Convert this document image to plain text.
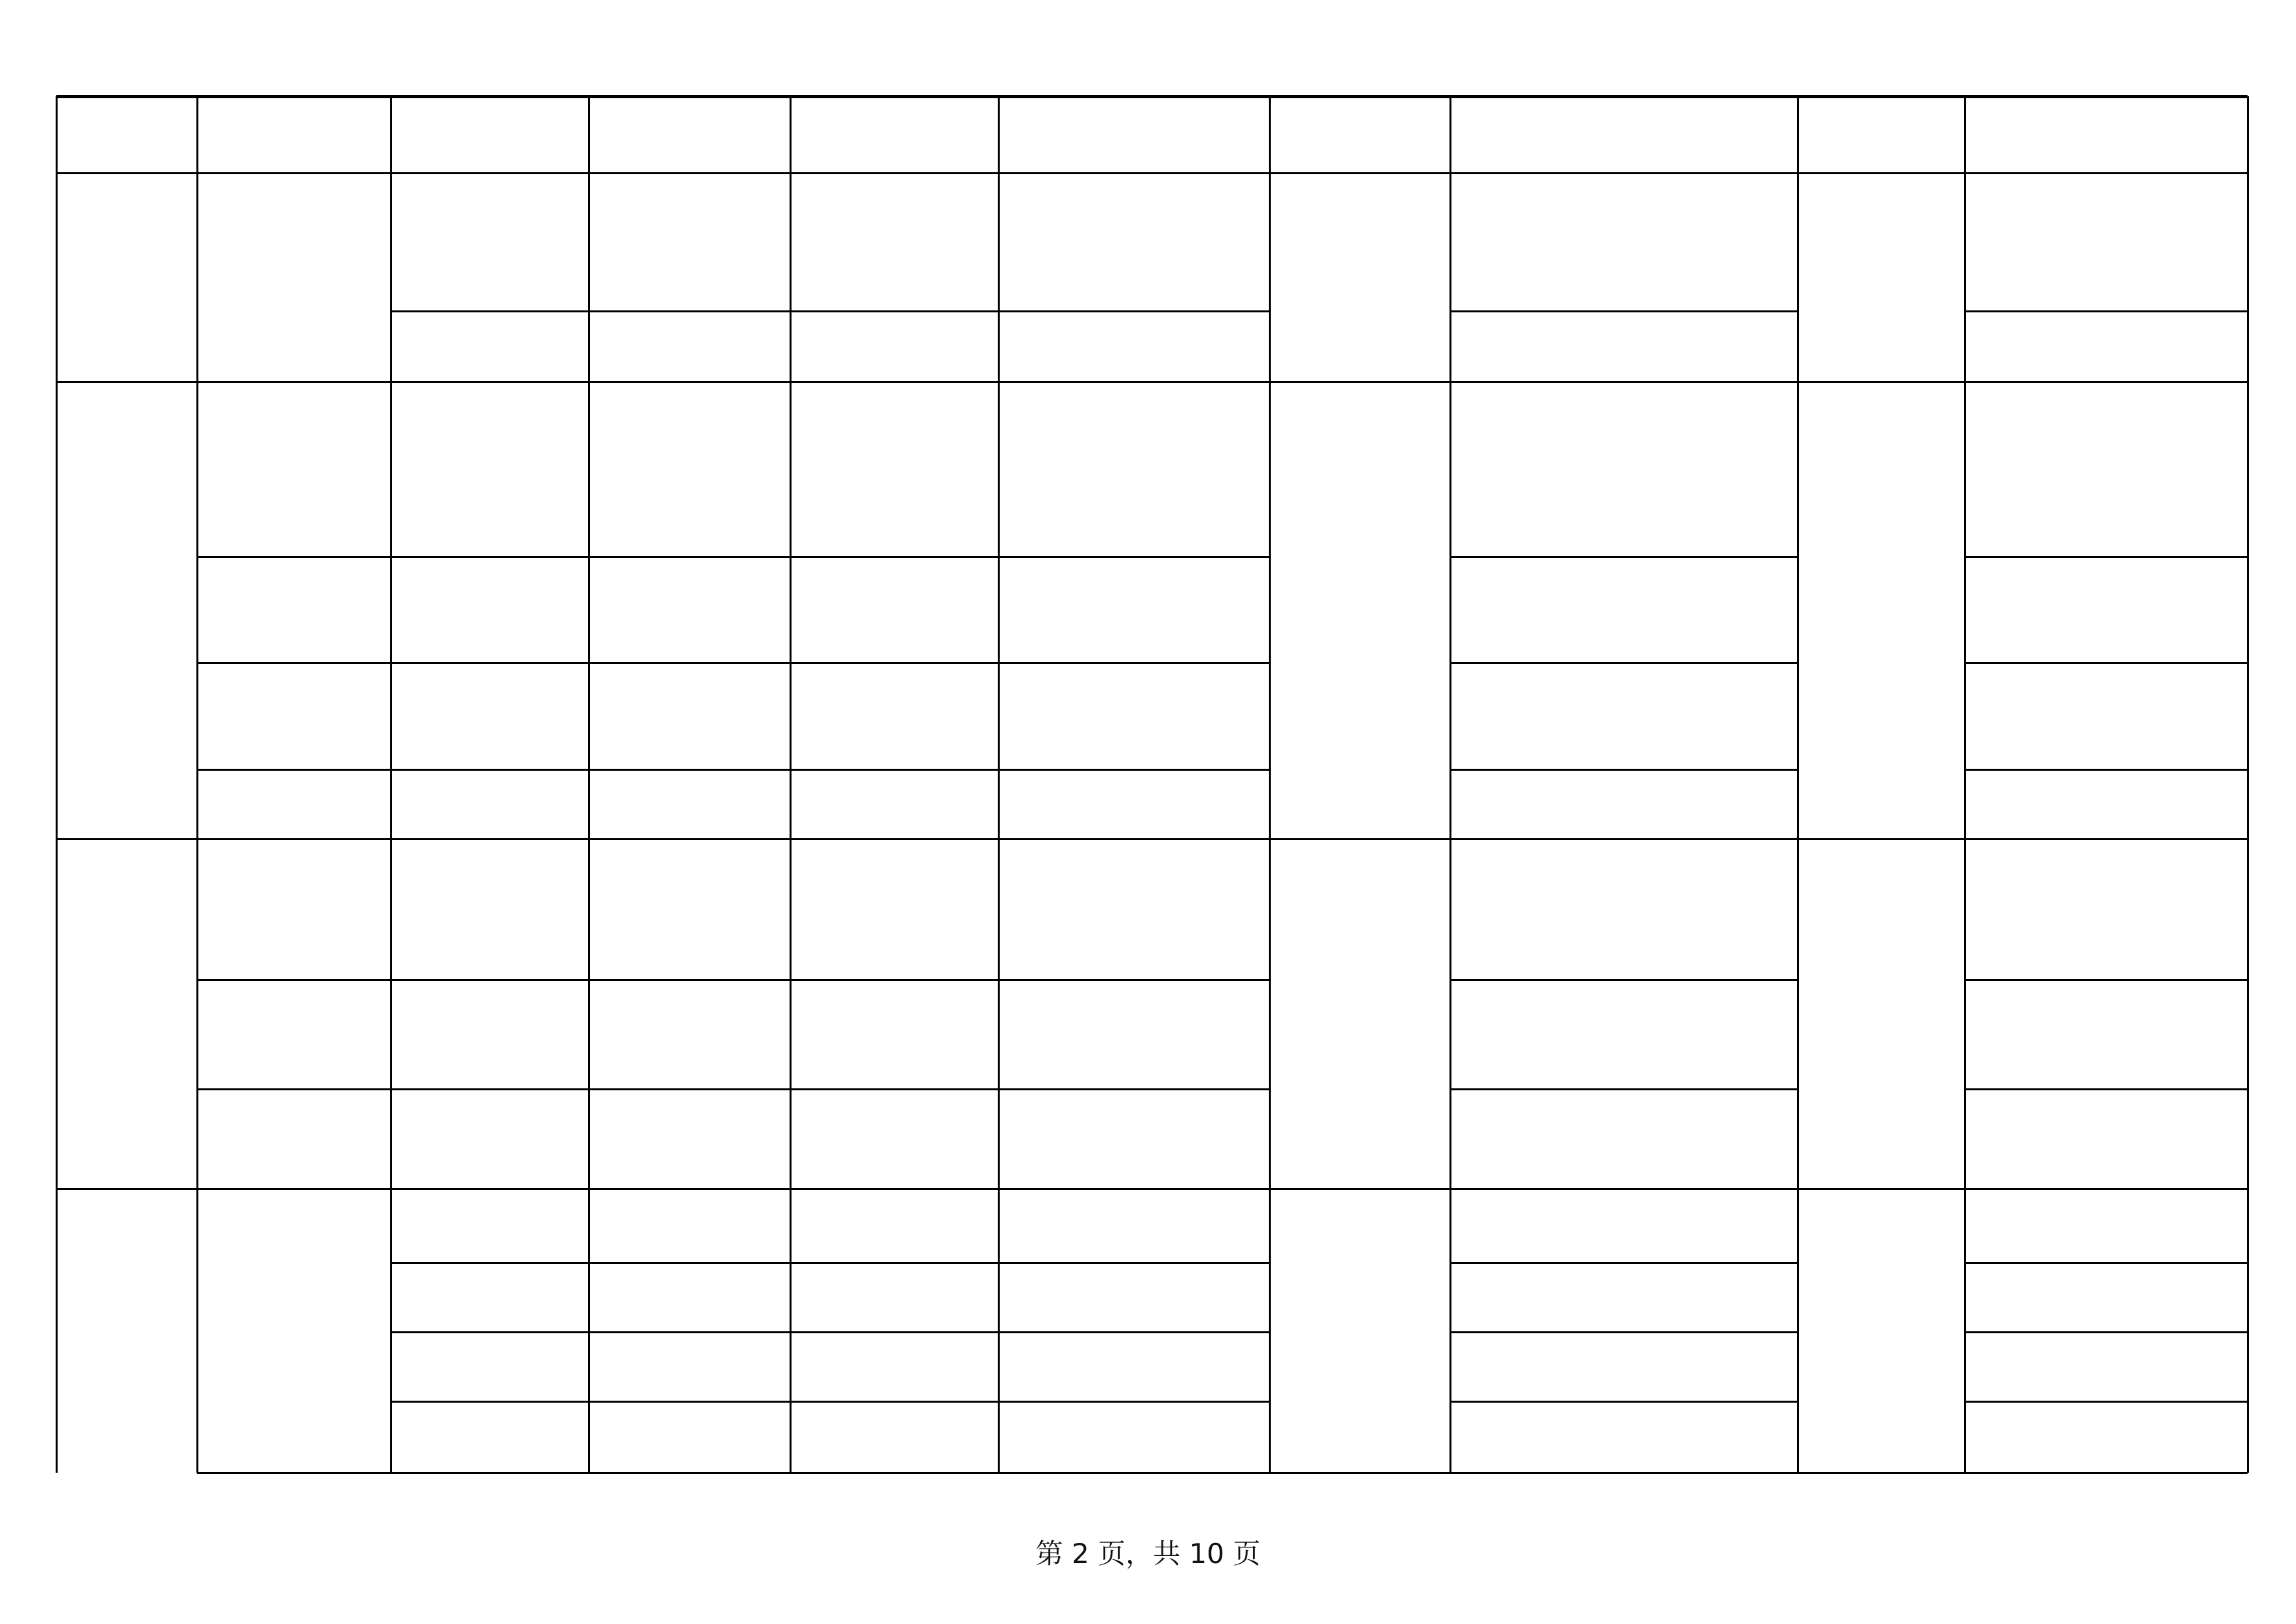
第 2 页，共 10 页
